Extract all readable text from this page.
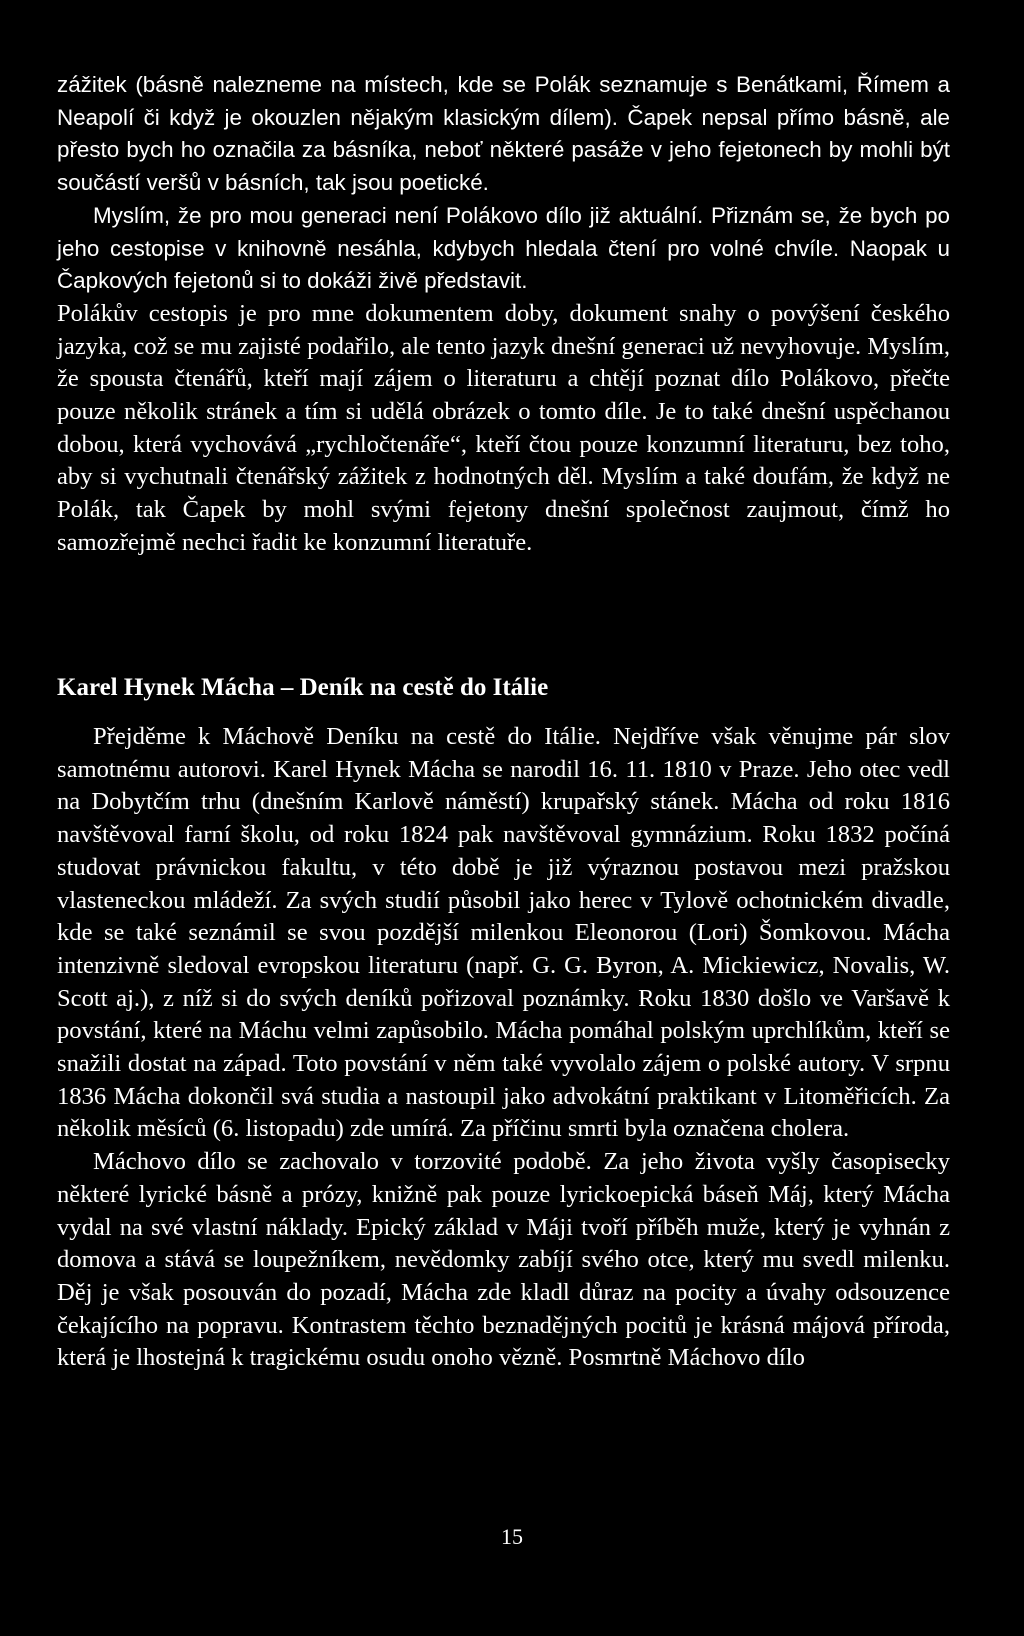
zážitek (básně nalezneme na místech, kde se Polák seznamuje s Benátkami, Římem a Neapolí či když je okouzlen nějakým klasickým dílem). Čapek nepsal přímo básně, ale přesto bych ho označila za básníka, neboť některé pasáže v jeho fejetonech by mohli být součástí veršů v básních, tak jsou poetické.

Myslím, že pro mou generaci není Polákovo dílo již aktuální. Přiznám se, že bych po jeho cestopise v knihovně nesáhla, kdybych hledala čtení pro volné chvíle. Naopak u Čapkových fejetonů si to dokáži živě představit.

Polákův cestopis je pro mne dokumentem doby, dokument snahy o povýšení českého jazyka, což se mu zajisté podařilo, ale tento jazyk dnešní generaci už nevyhovuje. Myslím, že spousta čtenářů, kteří mají zájem o literaturu a chtějí poznat dílo Polákovo, přečte pouze několik stránek a tím si udělá obrázek o tomto díle. Je to také dnešní uspěchanou dobou, která vychovává „rychločtenáře“, kteří čtou pouze konzumní literaturu, bez toho, aby si vychutnali čtenářský zážitek z hodnotných děl. Myslím a také doufám, že když ne Polák, tak Čapek by mohl svými fejetony dnešní společnost zaujmout, čímž ho samozřejmě nechci řadit ke konzumní literatuře.

Karel Hynek Mácha – Deník na cestě do Itálie

Přejděme k Máchově Deníku na cestě do Itálie. Nejdříve však věnujme pár slov samotnému autorovi. Karel Hynek Mácha se narodil 16. 11. 1810 v Praze. Jeho otec vedl na Dobytčím trhu (dnešním Karlově náměstí) krupařský stánek. Mácha od roku 1816 navštěvoval farní školu, od roku 1824 pak navštěvoval gymnázium. Roku 1832 počíná studovat právnickou fakultu, v této době je již výraznou postavou mezi pražskou vlasteneckou mládeží. Za svých studií působil jako herec v Tylově ochotnickém divadle, kde se také seznámil se svou pozdější milenkou Eleonorou (Lori) Šomkovou. Mácha intenzivně sledoval evropskou literaturu (např. G. G. Byron, A. Mickiewicz, Novalis, W. Scott aj.), z níž si do svých deníků pořizoval poznámky. Roku 1830 došlo ve Varšavě k povstání, které na Máchu velmi zapůsobilo. Mácha pomáhal polským uprchlíkům, kteří se snažili dostat na západ. Toto povstání v něm také vyvolalo zájem o polské autory. V srpnu 1836 Mácha dokončil svá studia a nastoupil jako advokátní praktikant v Litoměřicích. Za několik měsíců (6. listopadu) zde umírá. Za příčinu smrti byla označena cholera.

Máchovo dílo se zachovalo v torzovité podobě. Za jeho života vyšly časopisecky některé lyrické básně a prózy, knižně pak pouze lyrickoepická báseň Máj, který Mácha vydal na své vlastní náklady. Epický základ v Máji tvoří příběh muže, který je vyhnán z domova a stává se loupežníkem, nevědomky zabíjí svého otce, který mu svedl milenku. Děj je však posouván do pozadí, Mácha zde kladl důraz na pocity a úvahy odsouzence čekajícího na popravu. Kontrastem těchto beznadějných pocitů je krásná májová příroda, která je lhostejná k tragickému osudu onoho vězně. Posmrtně Máchovo dílo

15
